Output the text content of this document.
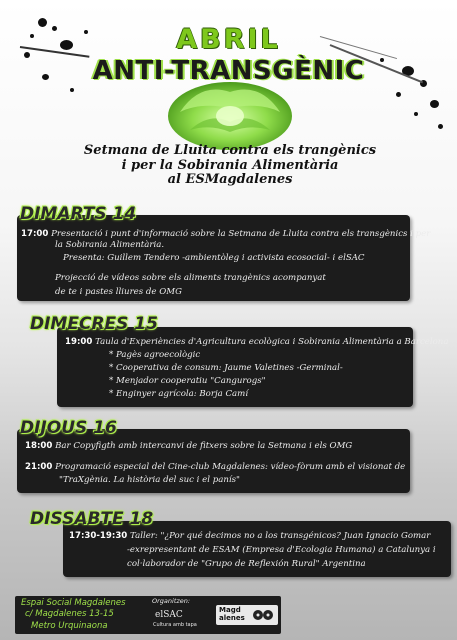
ABRIL
ANTI-TRANSGÈNIC
Setmana de Lluita contra els trangènics
i per la Sobirania Alimentària
al ESMagdalenes
17:00 Presentació i punt d'informació sobre la Setmana de Lluita contra els transgènics i per
la Sobirania Alimentària.
Presenta: Guillem Tendero -ambientòleg i activista ecosocial- i elSAC
Projecció de vídeos sobre els aliments trangènics acompanyat
de te i pastes lliures de OMG
DIMARTS 14
19:00 Taula d'Experiències d'Agricultura ecològica i Sobirania Alimentària a Barcelona
* Pagès agroecològic
* Cooperativa de consum: Jaume Valetines -Germinal-
* Menjador cooperatiu "Cangurogs"
* Enginyer agrícola: Borja Camí
DIMECRES 15
18:00 Bar Copyfigth amb intercanvi de fitxers sobre la Setmana i els OMG
21:00 Programació especial del Cine-club Magdalenes: vídeo-fòrum amb el visionat de
"TraXgènia. La història del suc i el panís"
DIJOUS 16
17:30-19:30 Taller: "¿Por qué decimos no a los transgénicos? Juan Ignacio Gomar
-exrepresentant de ESAM (Empresa d'Ecologia Humana) a Catalunya i
col·laborador de "Grupo de Reflexión Rural" Argentina
DISSABTE 18
Espai Social Magdalenes
c/ Magdalenes 13-15
Metro Urquinaona
Organitzen:
elSAC
Cultura amb tapa
Magd
alenes
